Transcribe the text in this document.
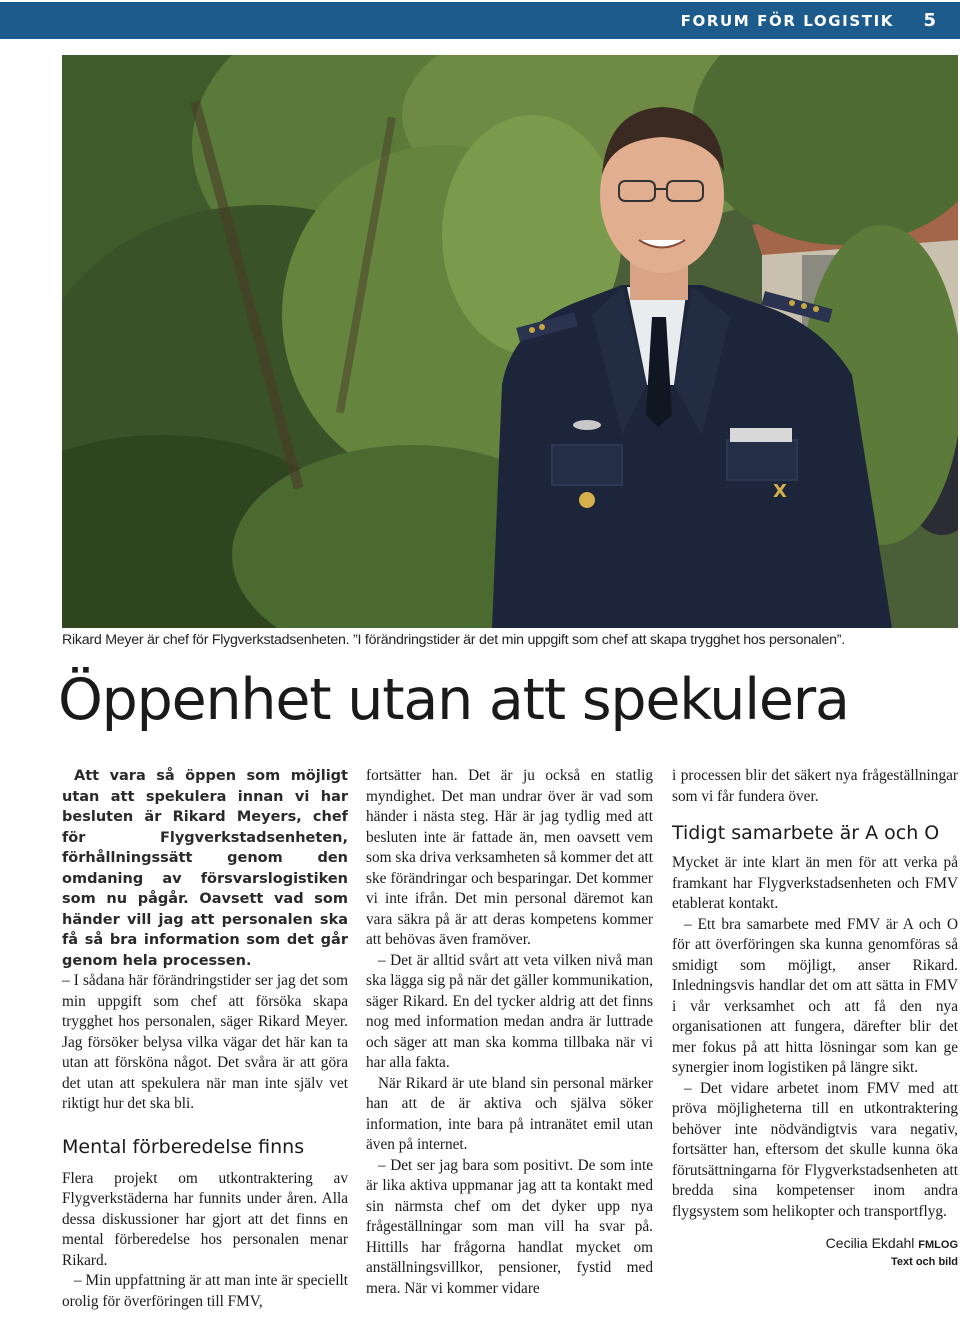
FORUM FÖR LOGISTIK 5
X
Rikard Meyer är chef för Flygverkstadsenheten. ”I förändringstider är det min uppgift som chef att skapa trygghet hos personalen”.
Öppenhet utan att spekulera

Att vara så öppen som möjligt utan att spekulera innan vi har besluten är Rikard Meyers, chef för Flygverkstadsenheten, förhållningssätt genom den omdaning av försvarslogistiken som nu pågår. Oavsett vad som händer vill jag att personalen ska få så bra information som det går genom hela processen.

– I sådana här förändringstider ser jag det som min uppgift som chef att försöka skapa trygghet hos personalen, säger Rikard Meyer. Jag försöker belysa vilka vägar det här kan ta utan att försköna något. Det svåra är att göra det utan att spekulera när man inte själv vet riktigt hur det ska bli.

Mental förberedelse finns

Flera projekt om utkontraktering av Flygverkstäderna har funnits under åren. Alla dessa diskussioner har gjort att det finns en mental förberedelse hos personalen menar Rikard.

– Min uppfattning är att man inte är speciellt orolig för överföringen till FMV,

fortsätter han. Det är ju också en statlig myndighet. Det man undrar över är vad som händer i nästa steg. Här är jag tydlig med att besluten inte är fattade än, men oavsett vem som ska driva verksamheten så kommer det att ske förändringar och besparingar. Det kommer vi inte ifrån. Det min personal däremot kan vara säkra på är att deras kompetens kommer att behövas även framöver.

– Det är alltid svårt att veta vilken nivå man ska lägga sig på när det gäller kommunikation, säger Rikard. En del tycker aldrig att det finns nog med information medan andra är luttrade och säger att man ska komma tillbaka när vi har alla fakta.

När Rikard är ute bland sin personal märker han att de är aktiva och själva söker information, inte bara på intranätet emil utan även på internet.

– Det ser jag bara som positivt. De som inte är lika aktiva uppmanar jag att ta kontakt med sin närmsta chef om det dyker upp nya frågeställningar som man vill ha svar på. Hittills har frågorna handlat mycket om anställningsvillkor, pensioner, fystid med mera. När vi kommer vidare

i processen blir det säkert nya frågeställningar som vi får fundera över.

Tidigt samarbete är A och O

Mycket är inte klart än men för att verka på framkant har Flygverkstadsenheten och FMV etablerat kontakt.

– Ett bra samarbete med FMV är A och O för att överföringen ska kunna genomföras så smidigt som möjligt, anser Rikard. Inledningsvis handlar det om att sätta in FMV i vår verksamhet och att få den nya organisationen att fungera, därefter blir det mer fokus på att hitta lösningar som kan ge synergier inom logistiken på längre sikt.

– Det vidare arbetet inom FMV med att pröva möjligheterna till en utkontraktering behöver inte nödvändigtvis vara negativ, fortsätter han, eftersom det skulle kunna öka förutsättningarna för Flygverkstadsenheten att bredda sina kompetenser inom andra flygsystem som helikopter och transportflyg.

Cecilia Ekdahl FMLOG
Text och bild
